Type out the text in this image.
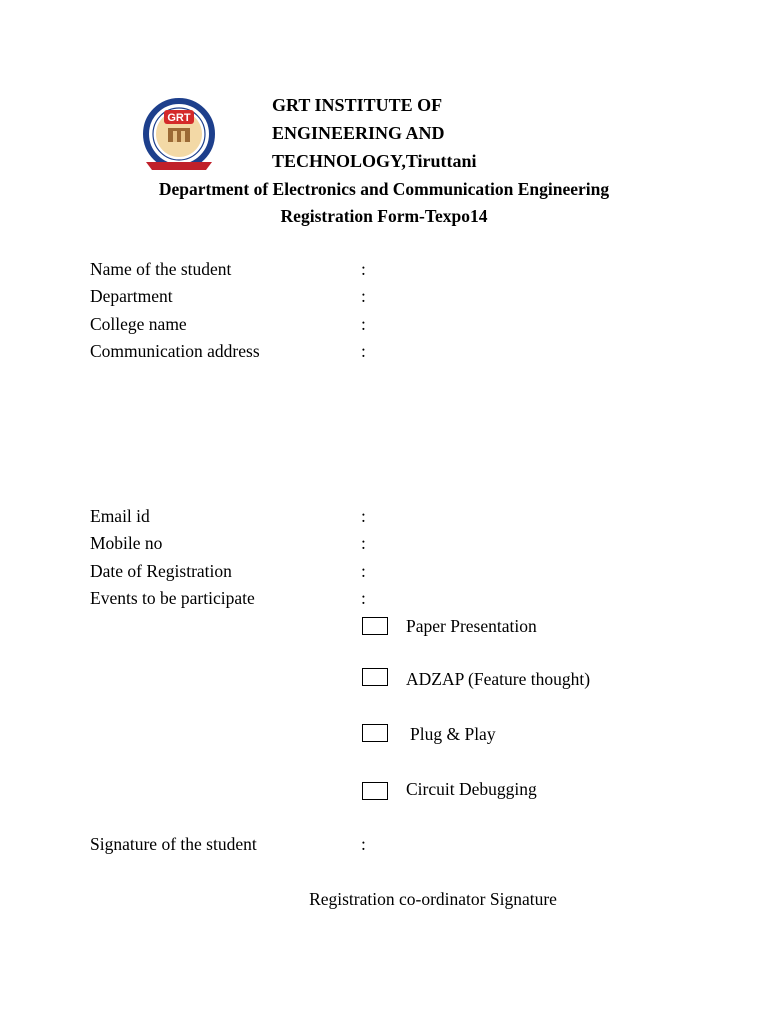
GRT
GRT INSTITUTE OF
ENGINEERING AND
TECHNOLOGY,Tiruttani
Department of Electronics and Communication Engineering
Registration Form-Texpo14
Name of the student	:
Department	:
College name	:
Communication address	:
Email id	:
Mobile no	:
Date of Registration	:
Events to be participate	:
Paper Presentation
ADZAP (Feature thought)
Plug & Play
Circuit Debugging
Signature of the student	:
Registration co-ordinator Signature
